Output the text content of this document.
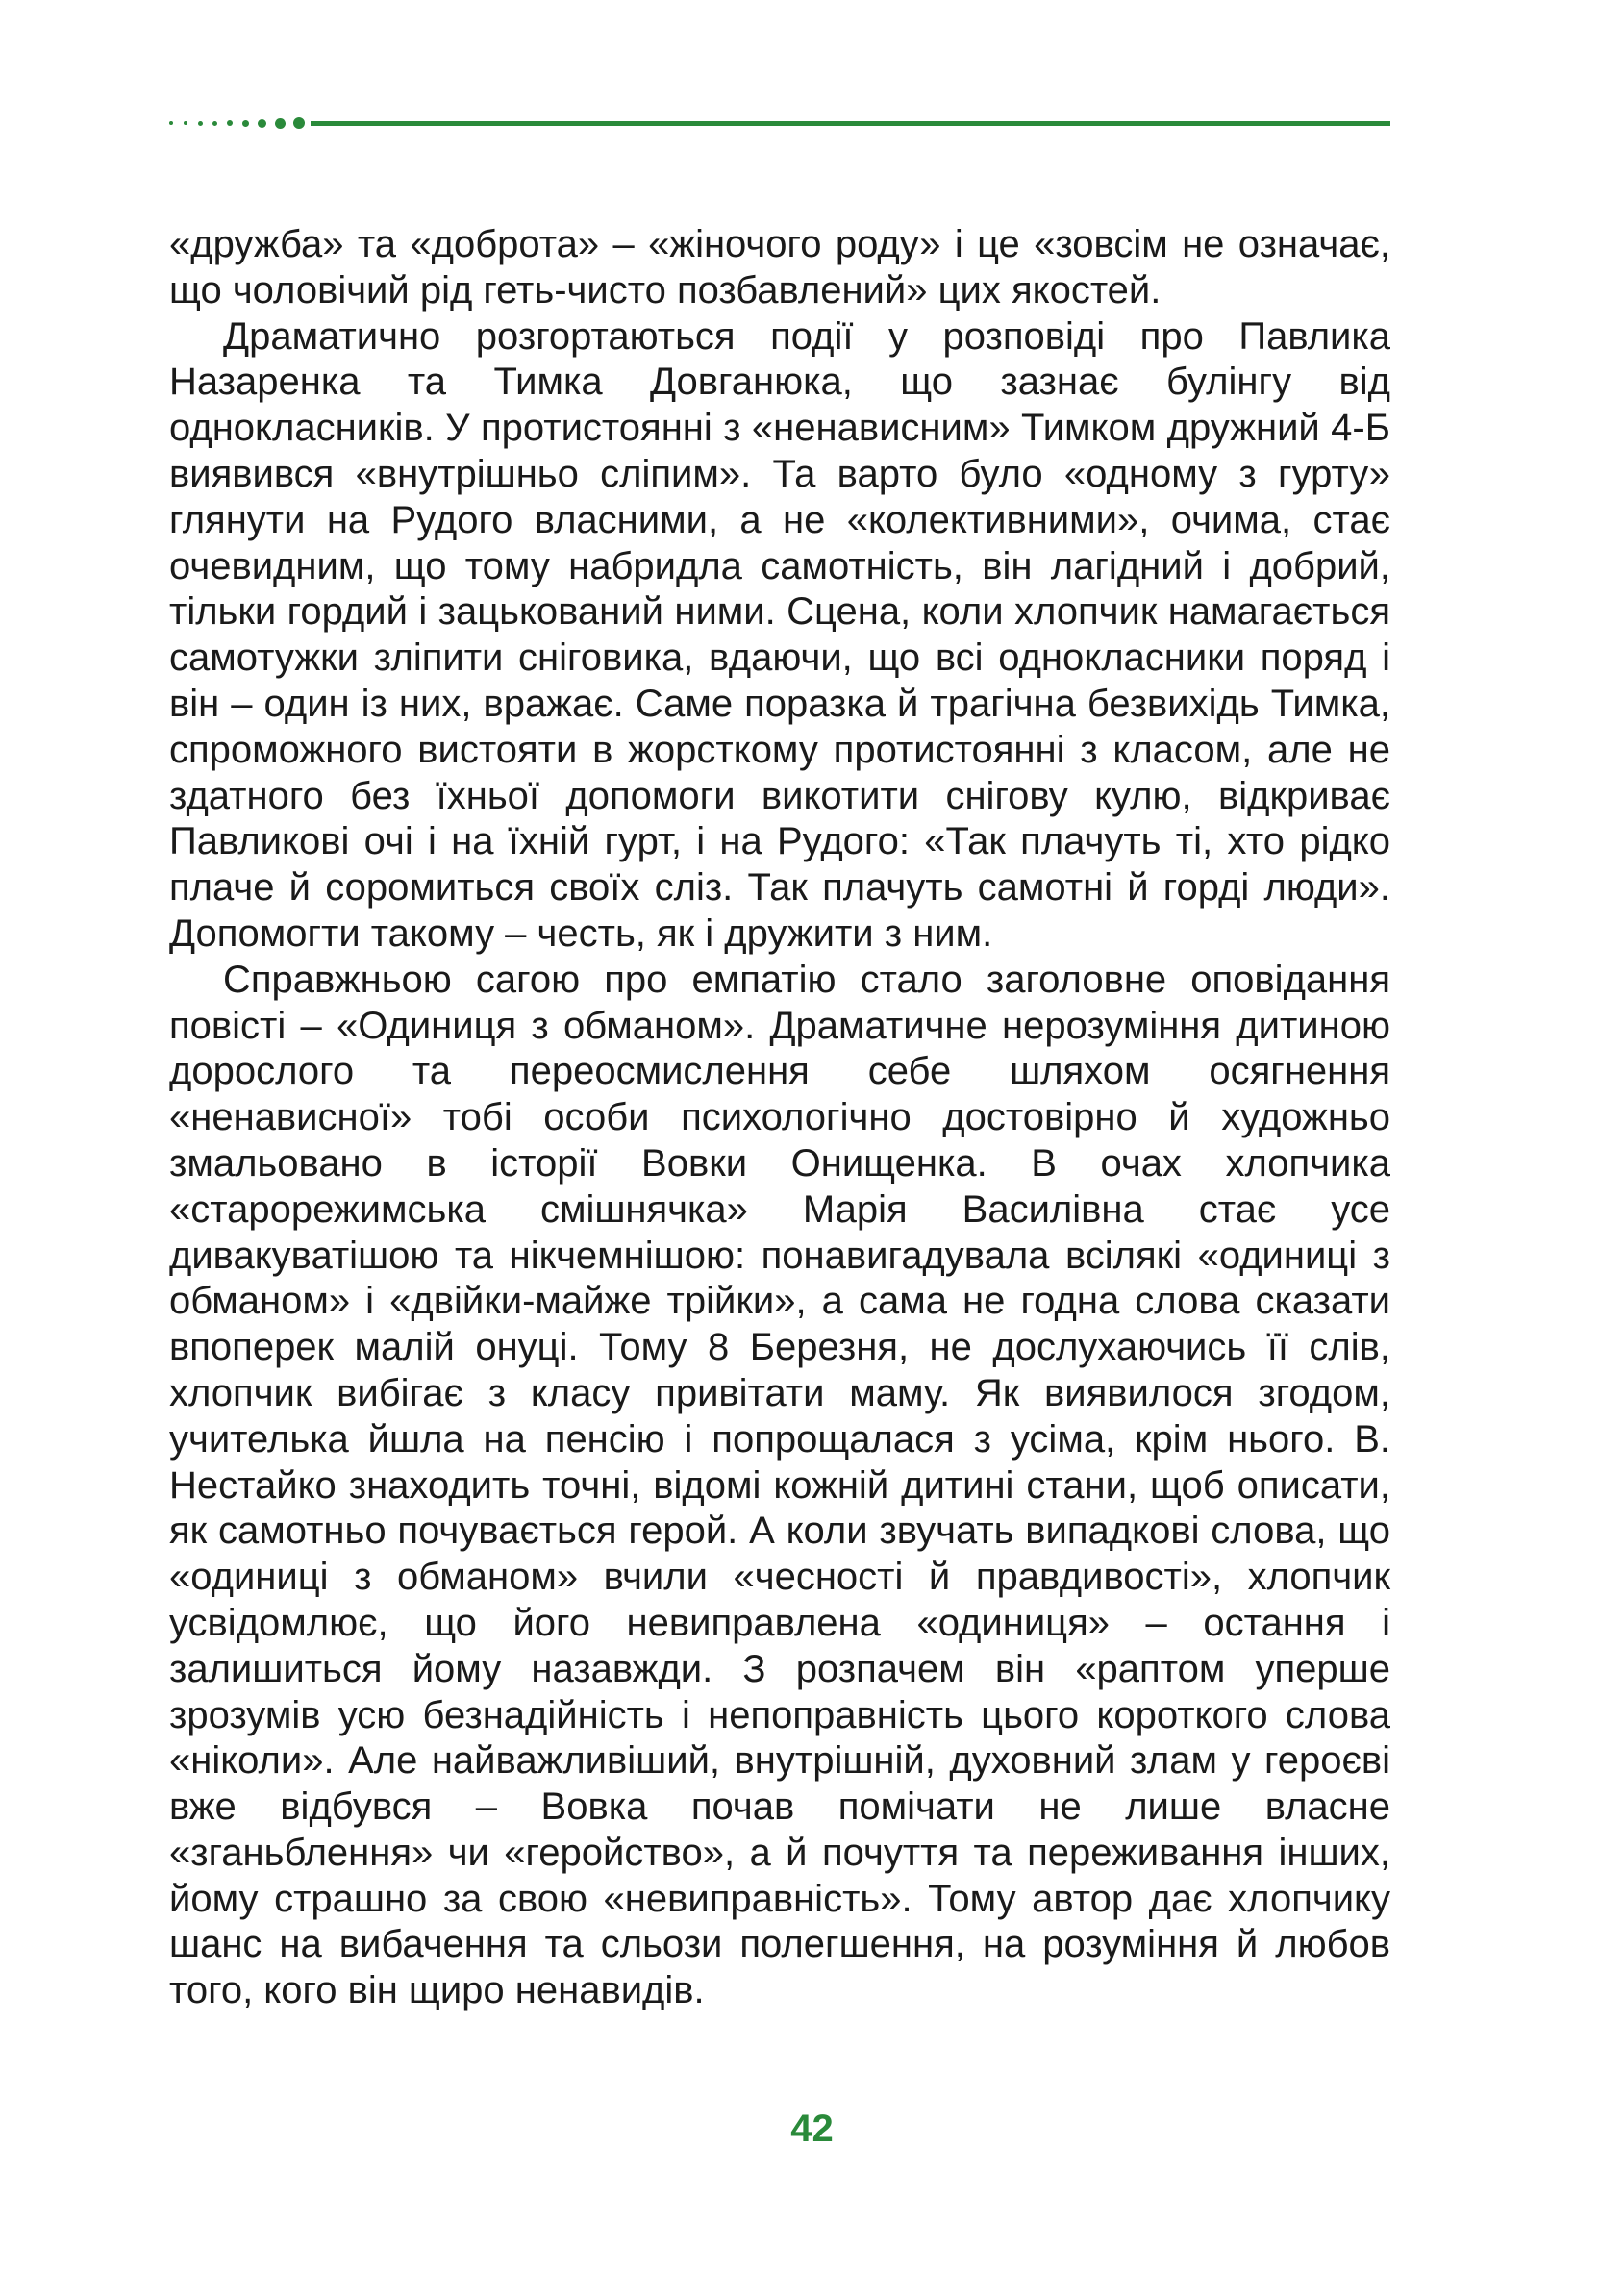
«дружба» та «доброта» – «жіночого роду» і це «зовсім не означає, що чоловічий рід геть-чисто позбавлений» цих якостей.

Драматично розгортаються події у розповіді про Павлика Назаренка та Тимка Довганюка, що зазнає булінгу від однокласників. У протистоянні з «ненависним» Тимком дружний 4-Б виявився «внутрішньо сліпим». Та варто було «одному з гурту» глянути на Рудого власними, а не «колективними», очима, стає очевидним, що тому набридла самотність, він лагідний і добрий, тільки гордий і зацькований ними. Сцена, коли хлопчик намагається самотужки зліпити сніговика, вдаючи, що всі однокласники поряд і він – один із них, вражає. Саме поразка й трагічна безвихідь Тимка, спроможного вистояти в жорсткому протистоянні з класом, але не здатного без їхньої допомоги викотити снігову кулю, відкриває Павликові очі і на їхній гурт, і на Рудого: «Так плачуть ті, хто рідко плаче й соромиться своїх сліз. Так плачуть самотні й горді люди». Допомогти такому – честь, як і дружити з ним.

Справжньою сагою про емпатію стало заголовне оповідання повісті – «Одиниця з обманом». Драматичне нерозуміння дитиною дорослого та переосмислення себе шляхом осягнення «ненависної» тобі особи психологічно достовірно й художньо змальовано в історії Вовки Онищенка. В очах хлопчика «старорежимська смішнячка» Марія Василівна стає усе дивакуватішою та нікчемнішою: понавигадувала всілякі «одиниці з обманом» і «двійки-майже трійки», а сама не годна слова сказати впоперек малій онуці. Тому 8 Березня, не дослухаючись її слів, хлопчик вибігає з класу привітати маму. Як виявилося згодом, учителька йшла на пенсію і попрощалася з усіма, крім нього. В. Нестайко знаходить точні, відомі кожній дитині стани, щоб описати, як самотньо почувається герой. А коли звучать випадкові слова, що «одиниці з обманом» вчили «чесності й правдивості», хлопчик усвідомлює, що його невиправлена «одиниця» – остання і залишиться йому назавжди. З розпачем він «раптом уперше зрозумів усю безнадійність і непоправність цього короткого слова «ніколи». Але найважливіший, внутрішній, духовний злам у героєві вже відбувся – Вовка почав помічати не лише власне «зганьблення» чи «геройство», а й почуття та переживання інших, йому страшно за свою «невиправність». Тому автор дає хлопчику шанс на вибачення та сльози полегшення, на розуміння й любов того, кого він щиро ненавидів.

42
